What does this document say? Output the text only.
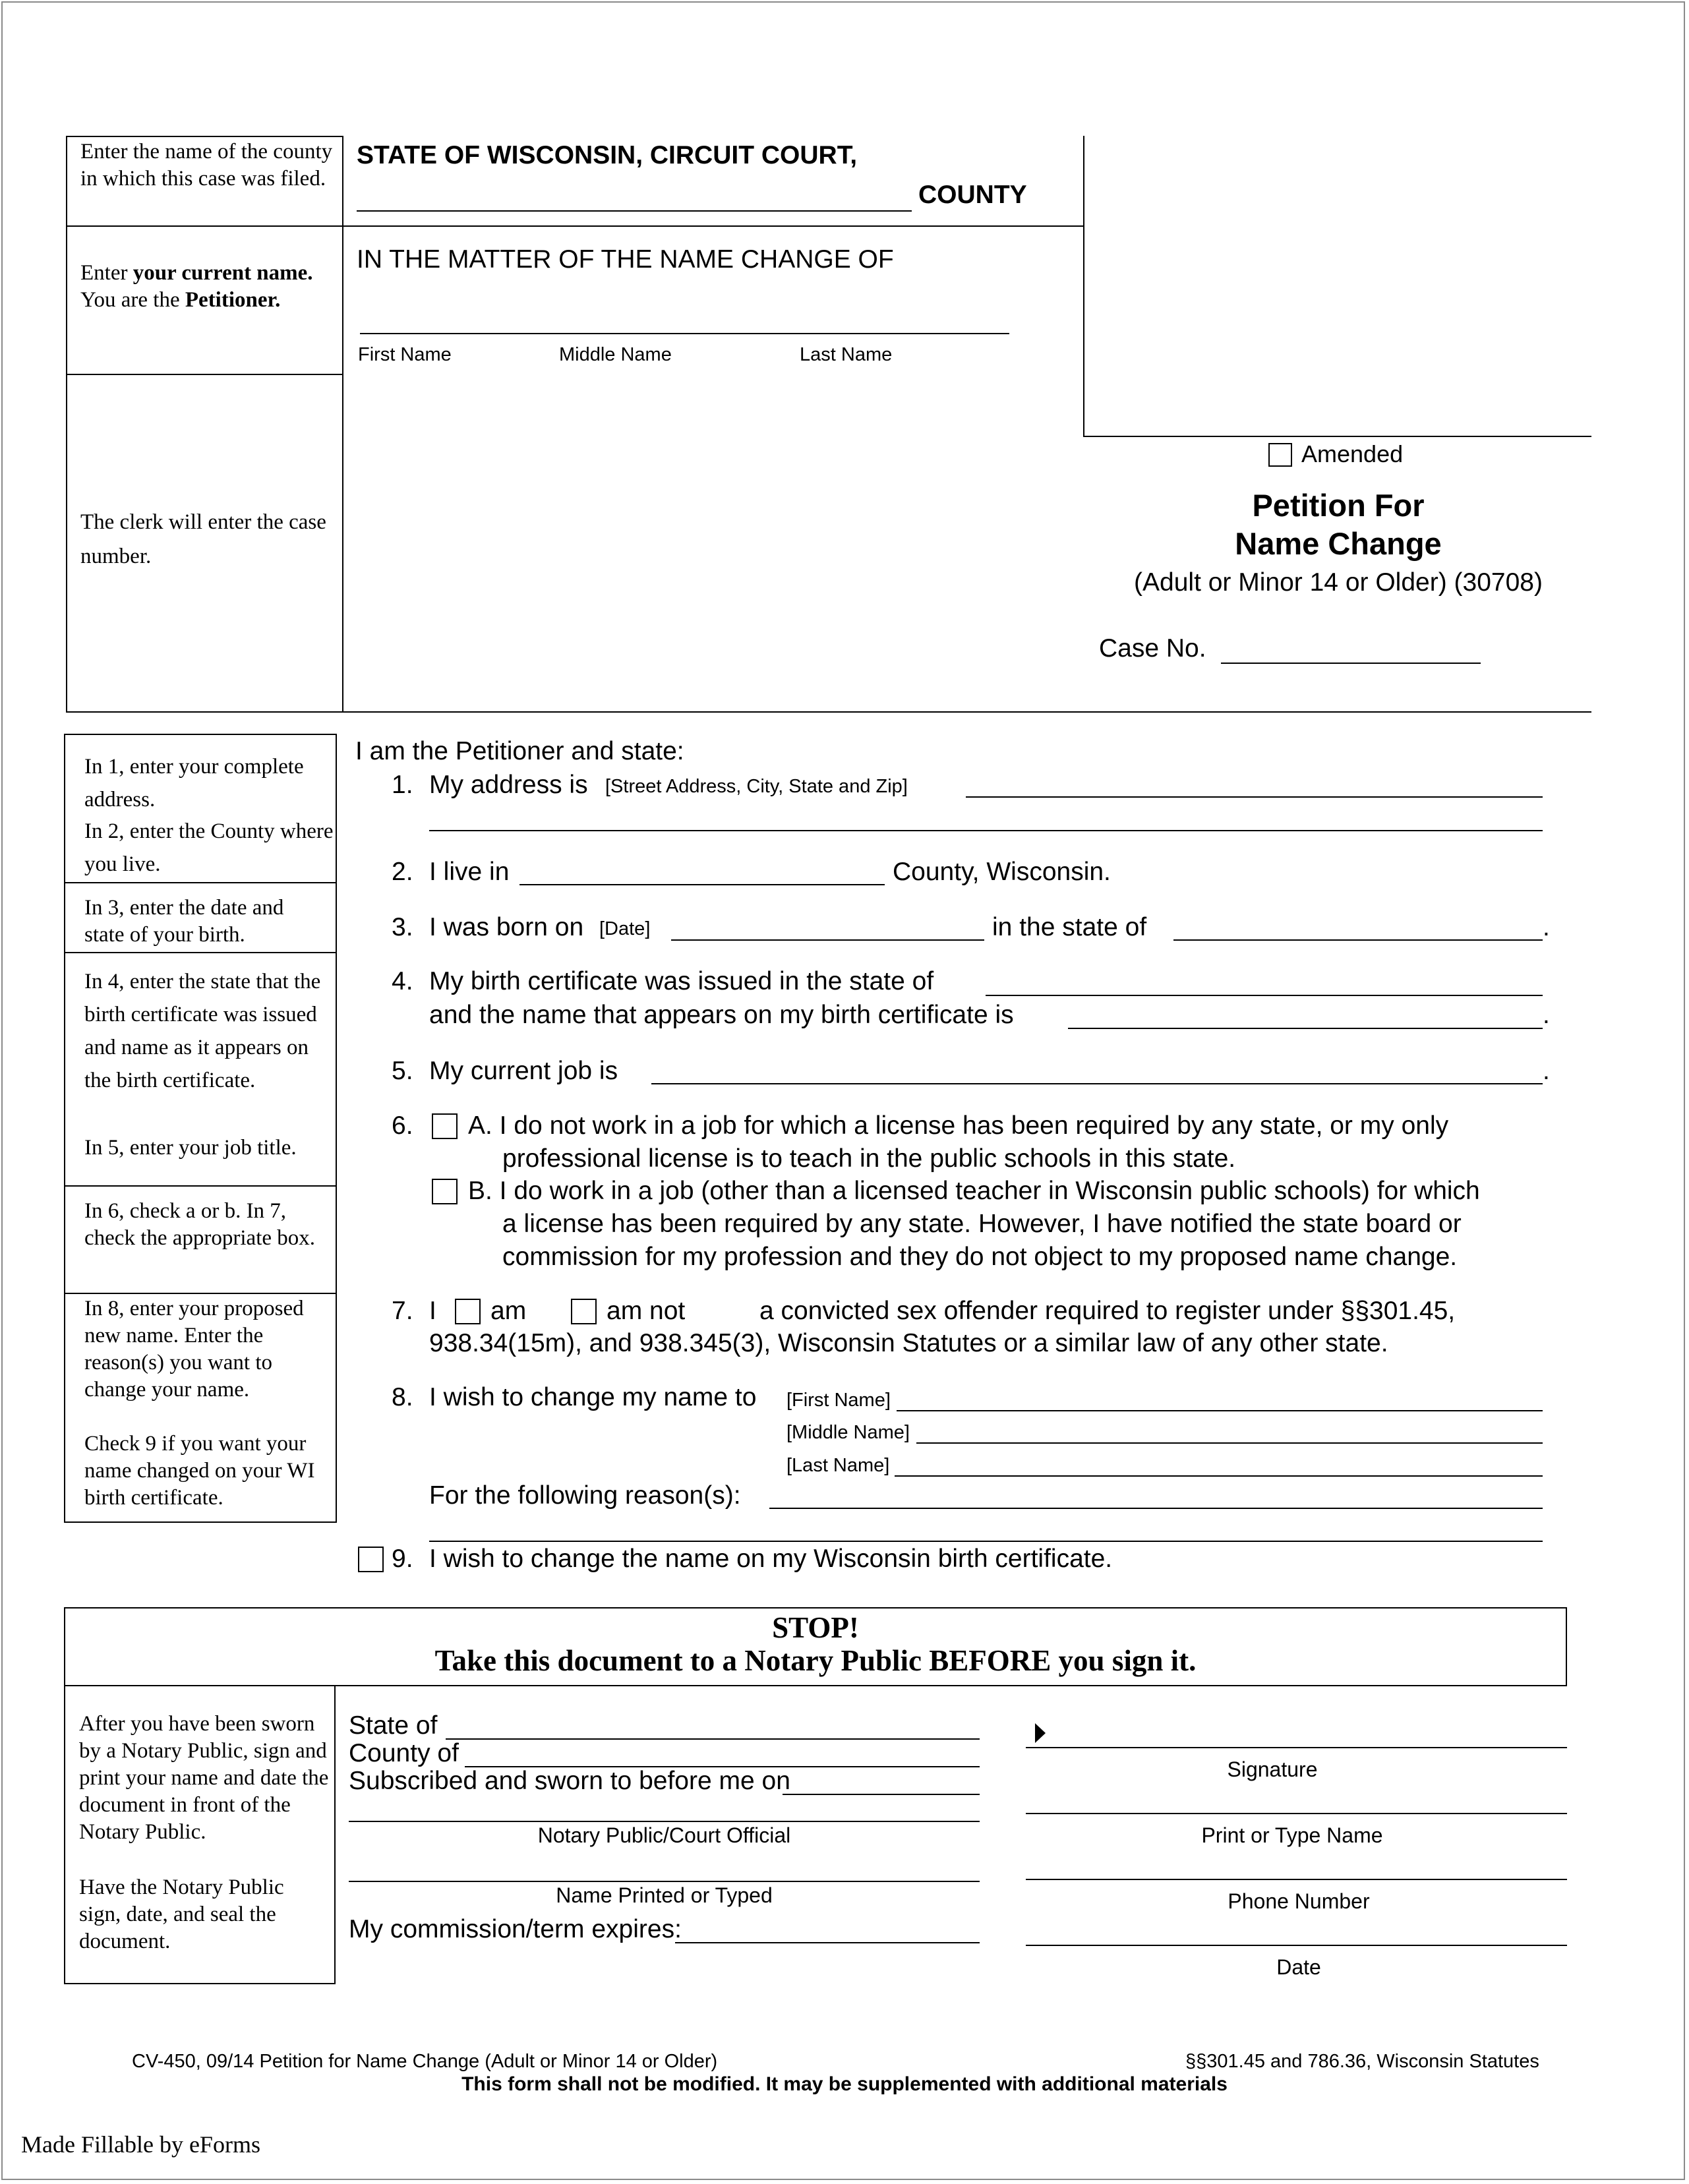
Enter the name of the county in which this case was filed.
Enter your current name. You are the Petitioner.
The clerk will enter the case number.
STATE OF WISCONSIN, CIRCUIT COURT,
COUNTY
IN THE MATTER OF THE NAME CHANGE OF
First Name	Middle Name	Last Name
Amended
Petition For
Name Change
(Adult or Minor 14 or Older) (30708)
Case No.
In 1, enter your complete address.
In 2, enter the County where you live.
In 3, enter the date and state of your birth.
In 4, enter the state that the birth certificate was issued and name as it appears on the birth certificate.
In 5, enter your job title.
In 6, check a or b. In 7, check the appropriate box.
In 8, enter your proposed new name. Enter the reason(s) you want to change your name.
Check 9 if you want your name changed on your WI birth certificate.
I am the Petitioner and state:
1. My address is [Street Address, City, State and Zip]
2. I live in	County, Wisconsin.
3. I was born on [Date]	in the state of	.
4. My birth certificate was issued in the state of
and the name that appears on my birth certificate is	.
5. My current job is	.
6. A. I do not work in a job for which a license has been required by any state, or my only
professional license is to teach in the public schools in this state.
B. I do work in a job (other than a licensed teacher in Wisconsin public schools) for which
a license has been required by any state. However, I have notified the state board or
commission for my profession and they do not object to my proposed name change.
7. I am	am not	a convicted sex offender required to register under §§301.45,
938.34(15m), and 938.345(3), Wisconsin Statutes or a similar law of any other state.
8. I wish to change my name to [First Name]
[Middle Name]
[Last Name]
For the following reason(s):
9. I wish to change the name on my Wisconsin birth certificate.
STOP!
Take this document to a Notary Public BEFORE you sign it.
After you have been sworn by a Notary Public, sign and print your name and date the document in front of the Notary Public.
Have the Notary Public sign, date, and seal the document.
State of
County of
Subscribed and sworn to before me on
Notary Public/Court Official
Name Printed or Typed
My commission/term expires:
Signature
Print or Type Name
Phone Number
Date
CV-450, 09/14 Petition for Name Change (Adult or Minor 14 or Older)	§§301.45 and 786.36, Wisconsin Statutes
This form shall not be modified. It may be supplemented with additional materials
Made Fillable by eForms
